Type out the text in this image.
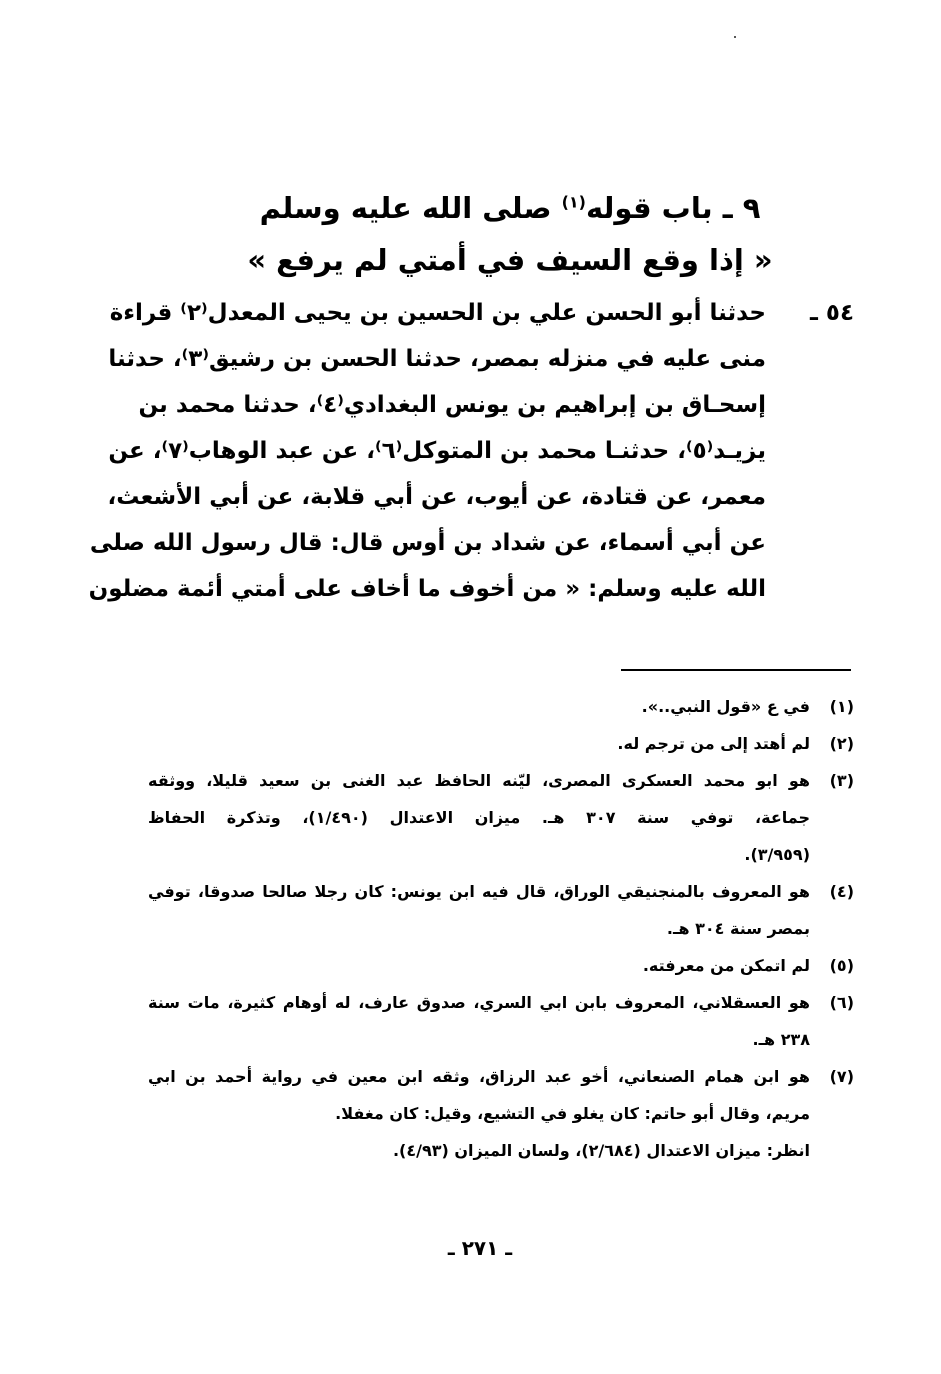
٩ ـ باب قوله$^{(١)}$ صلى الله عليه وسلم
« إذا وقع السيف في أمتي لم يرفع »
٥٤ ـ
حدثنا أبو الحسن علي بن الحسين بن يحيى المعدل⁽٢⁾ قراءة
منى عليه في منزله بمصر، حدثنا الحسن بن رشيق⁽٣⁾، حدثنا
إسحـاق بن إبراهيم بن يونس البغدادي⁽٤⁾، حدثنا محمد بن
يزيـد⁽٥⁾، حدثنـا محمد بن المتوكل⁽٦⁾، عن عبد الوهاب⁽٧⁾، عن
معمر، عن قتادة، عن أيوب، عن أبي قلابة، عن أبي الأشعث،
عن أبي أسماء، عن شداد بن أوس قال: قال رسول الله صلى
الله عليه وسلم: « من أخوف ما أخاف على أمتي أئمة مضلون
(١)
في ع «قول النبي..».
(٢)
لم أهتد إلى من ترجم له.
(٣)
هو ابو محمد العسكرى المصرى، ليّنه الحافظ عبد الغنى بن سعيد قليلا، ووثقه
جماعة، توفي سنة ٣٠٧ هـ. ميزان الاعتدال (١/٤٩٠)، وتذكرة الحفاظ
(٣/٩٥٩).
(٤)
هو المعروف بالمنجنيقي الوراق، قال فيه ابن يونس: كان رجلا صالحا صدوقا، توفي
بمصر سنة ٣٠٤ هـ.
(٥)
لم اتمكن من معرفته.
(٦)
هو العسقلاني، المعروف بابن ابي السري، صدوق عارف، له أوهام كثيرة، مات سنة
٢٣٨ هـ.
(٧)
هو ابن همام الصنعاني، أخو عبد الرزاق، وثقه ابن معين في رواية أحمد بن ابي
مريم، وقال أبو حاتم: كان يغلو في التشيع، وقيل: كان مغفلا.
انظر: ميزان الاعتدال (٢/٦٨٤)، ولسان الميزان (٤/٩٣).
ـ ٢٧١ ـ
